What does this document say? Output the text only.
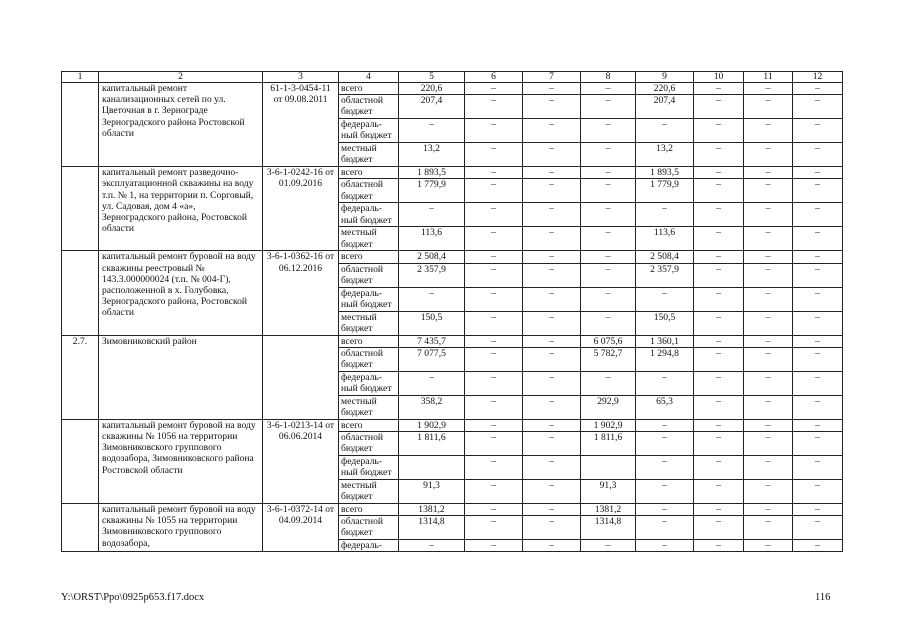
1	2	3	4	5	6	7	8	9	10	11	12
	капитальный ремонт канализационных сетей по ул. Цветочная в г. Зернограде Зерноградского района Ростовской области	61-1-3-0454-11 от 09.08.2011	всего	220,6	–	–	–	220,6	–	–	–
			областной бюджет	207,4	–	–	–	207,4	–	–	–
			федераль-ный бюджет	–	–	–	–	–	–	–	–
			местный бюджет	13,2	–	–	–	13,2	–	–	–
	капитальный ремонт разведочно-эксплуатационной скважины на воду т.п. № 1, на территории п. Сорговый, ул. Садовая, дом 4 «а», Зерноградского района, Ростовской области	3-6-1-0242-16 от 01.09.2016	всего	1 893,5	–	–	–	1 893,5	–	–	–
			областной бюджет	1 779,9	–	–	–	1 779,9	–	–	–
			федераль-ный бюджет	–	–	–	–	–	–	–	–
			местный бюджет	113,6	–	–	–	113,6	–	–	–
	капитальный ремонт буровой на воду скважины реестровый № 143.3.000000024 (т.п. № 004-Г), расположенной в х. Голубовка, Зерноградского района, Ростовской области	3-6-1-0362-16 от 06.12.2016	всего	2 508,4	–	–	–	2 508,4	–	–	–
			областной бюджет	2 357,9	–	–	–	2 357,9	–	–	–
			федераль-ный бюджет	–	–	–	–	–	–	–	–
			местный бюджет	150,5	–	–	–	150,5	–	–	–
2.7.	Зимовниковский район		всего	7 435,7	–	–	6 075,6	1 360,1	–	–	–
			областной бюджет	7 077,5	–	–	5 782,7	1 294,8	–	–	–
			федераль-ный бюджет	–	–	–	–	–	–	–	–
			местный бюджет	358,2	–	–	292,9	65,3	–	–	–
	капитальный ремонт буровой на воду скважины № 1056 на территории Зимовниковского группового водозабора, Зимовниковского района Ростовской области	3-6-1-0213-14 от 06.06.2014	всего	1 902,9	–	–	1 902,9	–	–	–	–
			областной бюджет	1 811,6	–	–	1 811,6	–	–	–	–
			федераль-ный бюджет		–	–		–	–	–	–
			местный бюджет	91,3	–	–	91,3	–	–	–	–
	капитальный ремонт буровой на воду скважины № 1055 на территории Зимовниковского группового водозабора,	3-6-1-0372-14 от 04.09.2014	всего	1381,2	–	–	1381,2	–	–	–	–
			областной бюджет	1314,8	–	–	1314,8	–	–	–	–
			федераль-	–	–	–	–	–	–	–	–
Y:\ORST\Ppo\0925p653.f17.docx	116
